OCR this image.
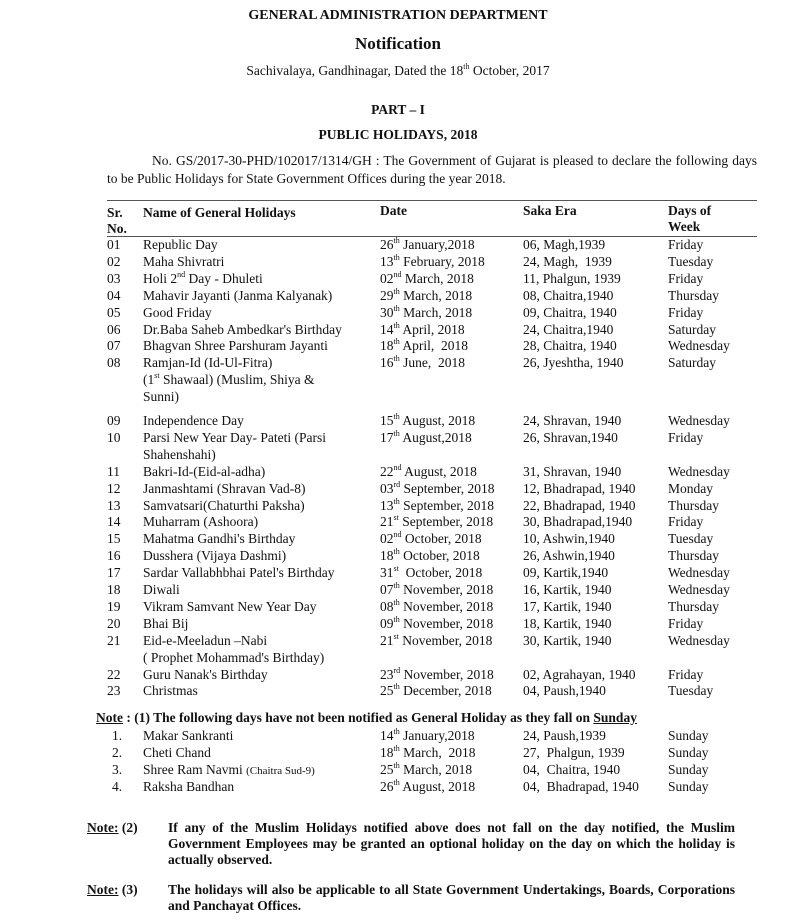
GENERAL ADMINISTRATION DEPARTMENT
Notification
Sachivalaya, Gandhinagar, Dated the 18th October, 2017
PART – I
PUBLIC HOLIDAYS, 2018
No. GS/2017-30-PHD/102017/1314/GH : The Government of Gujarat is pleased to declare the following days to be Public Holidays for State Government Offices during the year 2018.
Sr.
No.
Name of General Holidays	Date	Saka Era	Days of
Week
01 Republic Day	26th January,2018	06, Magh,1939	Friday
02 Maha Shivratri	13th February, 2018	24, Magh,  1939	Tuesday
03 Holi 2nd Day - Dhuleti	02nd March, 2018	11, Phalgun, 1939	Friday
04 Mahavir Jayanti (Janma Kalyanak)	29th March, 2018	08, Chaitra,1940	Thursday
05 Good Friday	30th March, 2018	09, Chaitra, 1940	Friday
06 Dr.Baba Saheb Ambedkar's Birthday	14th April, 2018	24, Chaitra,1940	Saturday
07 Bhagvan Shree Parshuram Jayanti	18th April,  2018	28, Chaitra, 1940	Wednesday
08 Ramjan-Id (Id-Ul-Fitra)
(1st Shawaal) (Muslim, Shiya &
Sunni)
16th June,  2018	26, Jyeshtha, 1940	Saturday
09 Independence Day	15th August, 2018	24, Shravan, 1940	Wednesday
10 Parsi New Year Day- Pateti (Parsi
Shahenshahi)
17th August,2018	26, Shravan,1940	Friday
11 Bakri-Id-(Eid-al-adha)	22nd August, 2018	31, Shravan, 1940	Wednesday
12 Janmashtami (Shravan Vad-8)	03rd September, 2018 12, Bhadrapad, 1940 Monday
13 Samvatsari(Chaturthi Paksha)	13th September, 2018 22, Bhadrapad, 1940 Thursday
14 Muharram (Ashoora)	21st September, 2018 30, Bhadrapad,1940	Friday
15 Mahatma Gandhi's Birthday	02nd October, 2018	10, Ashwin,1940	Tuesday
16 Dusshera (Vijaya Dashmi)	18th October, 2018	26, Ashwin,1940	Thursday
17 Sardar Vallabhbhai Patel's Birthday	31st  October, 2018	09, Kartik,1940	Wednesday
18 Diwali	07th November, 2018 16, Kartik, 1940	Wednesday
19 Vikram Samvant New Year Day	08th November, 2018 17, Kartik, 1940	Thursday
20 Bhai Bij	09th November, 2018 18, Kartik, 1940	Friday
21 Eid-e-Meeladun –Nabi
( Prophet Mohammad's Birthday)
21st November, 2018 30, Kartik, 1940	Wednesday
22 Guru Nanak's Birthday	23rd November, 2018 02, Agrahayan, 1940 Friday
23 Christmas	25th December, 2018 04, Paush,1940	Tuesday
Note : (1) The following days have not been notified as General Holiday as they fall on Sunday
1. Makar Sankranti	14th January,2018	24, Paush,1939	Sunday
2. Cheti Chand	18th March,  2018	27,  Phalgun, 1939	Sunday
3. Shree Ram Navmi (Chaitra Sud-9)	25th March, 2018	04,  Chaitra, 1940	Sunday
4. Raksha Bandhan	26th August, 2018	04,  Bhadrapad, 1940 Sunday
Note: (2) If any of the Muslim Holidays notified above does not fall on the day notified, the Muslim Government Employees may be granted an optional holiday on the day on which the holiday is actually observed.
Note: (3) The holidays will also be applicable to all State Government Undertakings, Boards, Corporations and Panchayat Offices.
